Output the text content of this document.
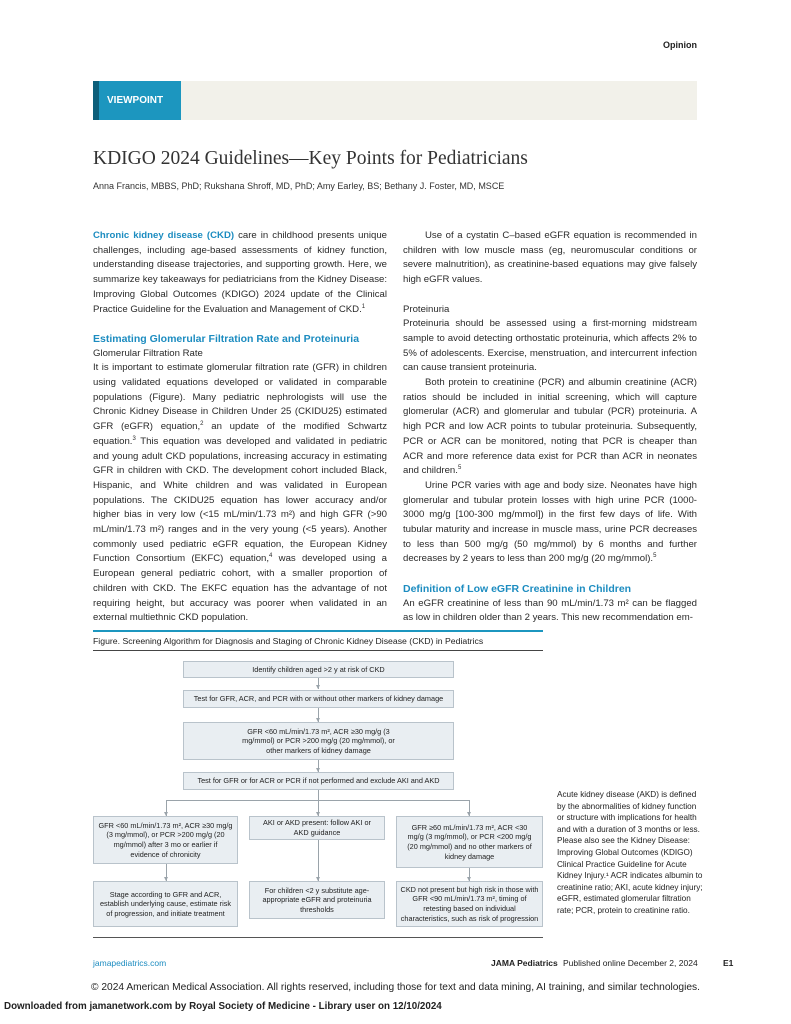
Opinion
VIEWPOINT
KDIGO 2024 Guidelines—Key Points for Pediatricians
Anna Francis, MBBS, PhD; Rukshana Shroff, MD, PhD; Amy Earley, BS; Bethany J. Foster, MD, MSCE

Chronic kidney disease (CKD) care in childhood presents unique challenges, including age-based assessments of kidney function, understanding disease trajectories, and supporting growth. Here, we summarize key takeaways for pediatricians from the Kidney Disease: Improving Global Outcomes (KDIGO) 2024 update of the Clinical Practice Guideline for the Evaluation and Management of CKD.$^1$

Estimating Glomerular Filtration Rate and Proteinuria

Glomerular Filtration Rate

It is important to estimate glomerular filtration rate (GFR) in children using validated equations developed or validated in comparable populations (Figure). Many pediatric nephrologists will use the Chronic Kidney Disease in Children Under 25 (CKIDU25) estimated GFR (eGFR) equation,$^2$ an update of the modified Schwartz equation.$^3$ This equation was developed and validated in pediatric and young adult CKD populations, increasing accuracy in estimating GFR in children with CKD. The development cohort included Black, Hispanic, and White children and was validated in European populations. The CKIDU25 equation has lower accuracy and/or higher bias in very low (<15 mL/min/1.73 m²) and high GFR (>90 mL/min/1.73 m²) ranges and in the very young (<5 years). Another commonly used pediatric eGFR equation, the European Kidney Function Consortium (EKFC) equation,$^4$ was developed using a European general pediatric cohort, with a smaller proportion of children with CKD. The EKFC equation has the advantage of not requiring height, but accuracy was poorer when validated in an external multiethnic CKD population.

Use of a cystatin C–based eGFR equation is recommended in children with low muscle mass (eg, neuromuscular conditions or severe malnutrition), as creatinine-based equations may give falsely high eGFR values.

Proteinuria

Proteinuria should be assessed using a first-morning midstream sample to avoid detecting orthostatic proteinuria, which affects 2% to 5% of adolescents. Exercise, menstruation, and intercurrent infection can cause transient proteinuria.

Both protein to creatinine (PCR) and albumin creatinine (ACR) ratios should be included in initial screening, which will capture glomerular (ACR) and glomerular and tubular (PCR) proteinuria. A high PCR and low ACR points to tubular proteinuria. Subsequently, PCR or ACR can be monitored, noting that PCR is cheaper than ACR and more reference data exist for PCR than ACR in neonates and children.$^5$

Urine PCR varies with age and body size. Neonates have high glomerular and tubular protein losses with high urine PCR (1000-3000 mg/g [100-300 mg/mmol]) in the first few days of life. With tubular maturity and increase in muscle mass, urine PCR decreases to less than 500 mg/g (50 mg/mmol) by 6 months and further decreases by 2 years to less than 200 mg/g (20 mg/mmol).$^5$

Definition of Low eGFR Creatinine in Children

An eGFR creatinine of less than 90 mL/min/1.73 m² can be flagged as low in children older than 2 years. This new recommendation em-

Figure. Screening Algorithm for Diagnosis and Staging of Chronic Kidney Disease (CKD) in Pediatrics
Identify children aged >2 y at risk of CKD
Test for GFR, ACR, and PCR with or without other markers of kidney damage
GFR <60 mL/min/1.73 m², ACR ≥30 mg/g (3 mg/mmol) or PCR >200 mg/g (20 mg/mmol), or other markers of kidney damage
Test for GFR or for ACR or PCR if not performed and exclude AKI and AKD
GFR <60 mL/min/1.73 m², ACR ≥30 mg/g (3 mg/mmol), or PCR >200 mg/g (20 mg/mmol) after 3 mo or earlier if evidence of chronicity
AKI or AKD present: follow AKI or AKD guidance
GFR ≥60 mL/min/1.73 m², ACR <30 mg/g (3 mg/mmol), or PCR <200 mg/g (20 mg/mmol) and no other markers of kidney damage
Stage according to GFR and ACR, establish underlying cause, estimate risk of progression, and initiate treatment
For children <2 y substitute age-appropriate eGFR and proteinuria thresholds
CKD not present but high risk in those with GFR <90 mL/min/1.73 m², timing of retesting based on individual characteristics, such as risk of progression
Acute kidney disease (AKD) is defined by the abnormalities of kidney function or structure with implications for health and with a duration of 3 months or less. Please also see the Kidney Disease: Improving Global Outcomes (KDIGO) Clinical Practice Guideline for Acute Kidney Injury.¹ ACR indicates albumin to creatinine ratio; AKI, acute kidney injury; eGFR, estimated glomerular filtration rate; PCR, protein to creatinine ratio.
jamapediatrics.com	JAMA Pediatrics Published online December 2, 2024	E1
© 2024 American Medical Association. All rights reserved, including those for text and data mining, AI training, and similar technologies.
Downloaded from jamanetwork.com by Royal Society of Medicine - Library user on 12/10/2024
